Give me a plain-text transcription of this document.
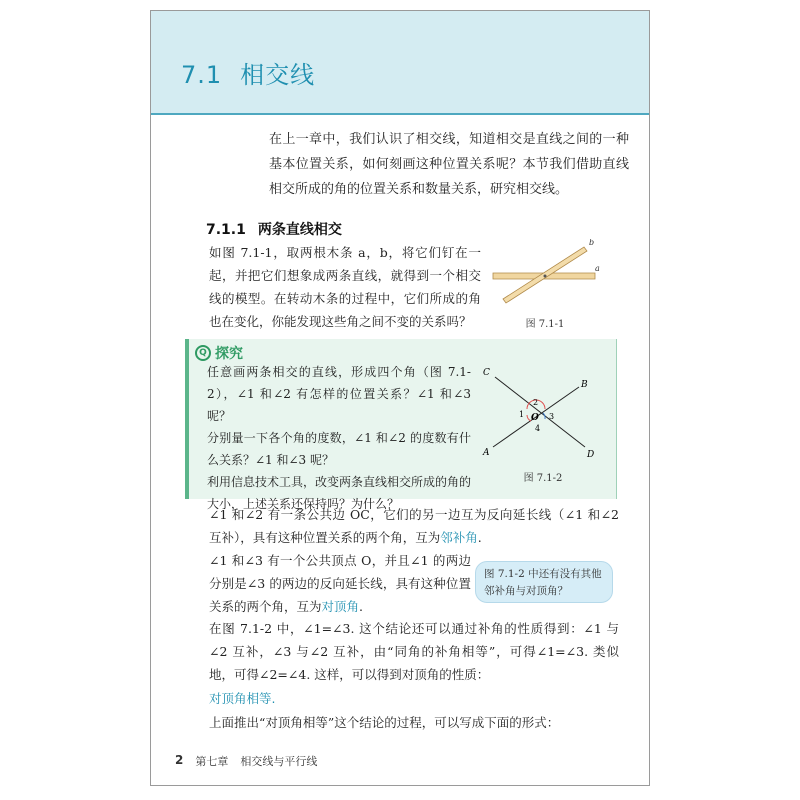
7.1 相交线

在上一章中，我们认识了相交线，知道相交是直线之间的一种基本位置关系，如何刻画这种位置关系呢？本节我们借助直线相交所成的角的位置关系和数量关系，研究相交线。

7.1.1 两条直线相交

如图 7.1-1，取两根木条 a，b，将它们钉在一起，并把它们想象成两条直线，就得到一个相交线的模型。在转动木条的过程中，它们所成的角也在变化，你能发现这些角之间不变的关系吗？

b
a
图 7.1-1
Q 探究

任意画两条相交的直线，形成四个角（图 7.1-2），∠1 和∠2 有怎样的位置关系？∠1 和∠3 呢？

分别量一下各个角的度数，∠1 和∠2 的度数有什么关系？∠1 和∠3 呢？

利用信息技术工具，改变两条直线相交所成的角的大小，上述关系还保持吗？为什么？

C
B
A	D
O
1
2
3
4
图 7.1-2

∠1 和∠2 有一条公共边 OC，它们的另一边互为反向延长线（∠1 和∠2 互补），具有这种位置关系的两个角，互为邻补角.

∠1 和∠3 有一个公共顶点 O，并且∠1 的两边分别是∠3 的两边的反向延长线，具有这种位置关系的两个角，互为对顶角.

图 7.1-2 中还有没有其他邻补角与对顶角？

在图 7.1-2 中，∠1=∠3. 这个结论还可以通过补角的性质得到：∠1 与∠2 互补，∠3 与∠2 互补，由“同角的补角相等”，可得∠1=∠3. 类似地，可得∠2=∠4. 这样，可以得到对顶角的性质：

对顶角相等.

上面推出“对顶角相等”这个结论的过程，可以写成下面的形式：

2 第七章 相交线与平行线
